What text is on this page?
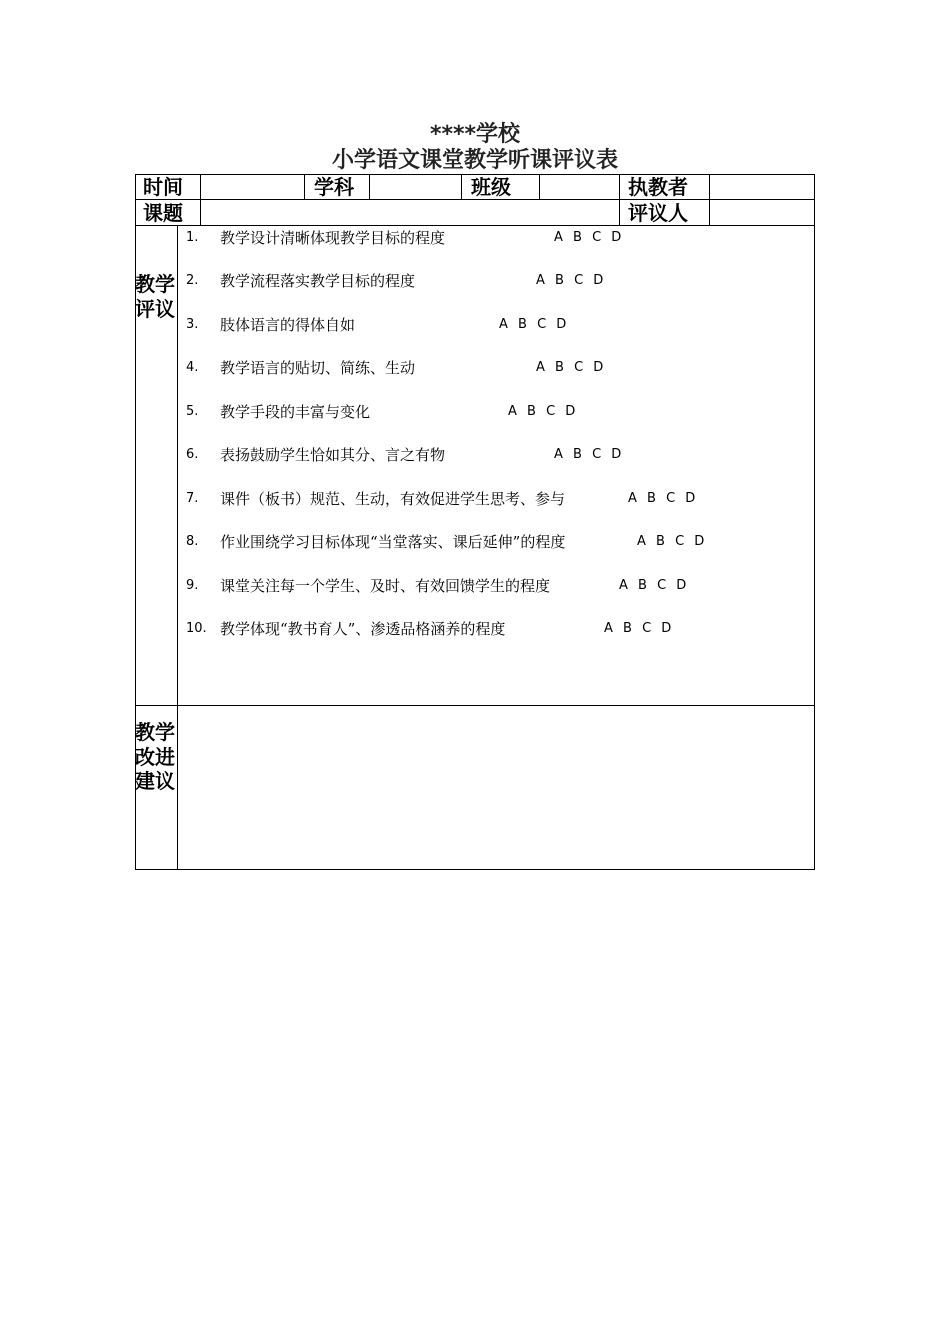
****学校
小学语文课堂教学听课评议表
时间	学科	班级	执教者
课题	评议人
教学评议
1. 教学设计清晰体现教学目标的程度	A B C D
2. 教学流程落实教学目标的程度	A B C D
3. 肢体语言的得体自如	A B C D
4. 教学语言的贴切、简练、生动	A B C D
5. 教学手段的丰富与变化	A B C D
6. 表扬鼓励学生恰如其分、言之有物	A B C D
7. 课件（板书）规范、生动，有效促进学生思考、参与	A B C D
8. 作业围绕学习目标体现“当堂落实、课后延伸”的程度	A B C D
9. 课堂关注每一个学生、及时、有效回馈学生的程度	A B C D
10. 教学体现“教书育人”、渗透品格涵养的程度	A B C D
教学改进建议
